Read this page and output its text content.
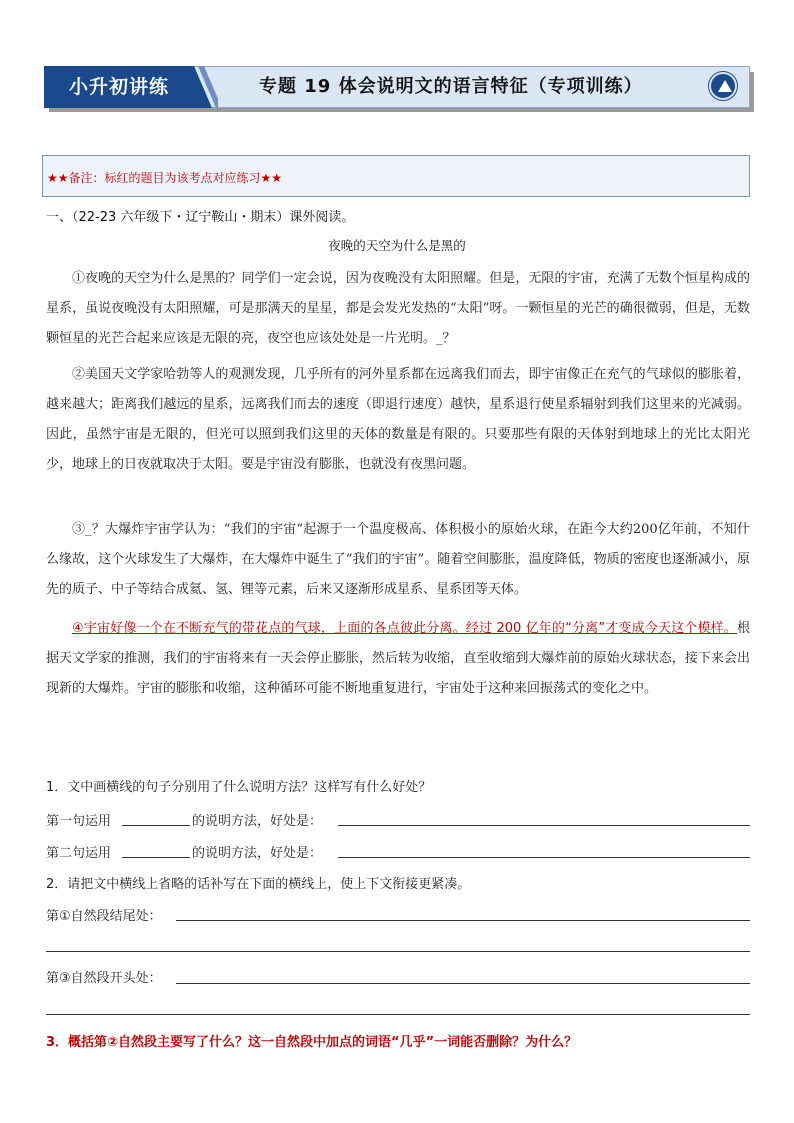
小升初讲练	专题 19 体会说明文的语言特征（专项训练）
★★备注：标红的题目为该考点对应练习★★
一、（22-23 六年级下・辽宁鞍山・期末）课外阅读。
夜晚的天空为什么是黑的
①夜晚的天空为什么是黑的？同学们一定会说，因为夜晚没有太阳照耀。但是，无限的宇宙，充满了无数个恒星构成的星系，虽说夜晚没有太阳照耀，可是那满天的星星，都是会发光发热的“太阳”呀。一颗恒星的光芒的确很微弱，但是，无数颗恒星的光芒合起来应该是无限的亮，夜空也应该处处是一片光明。_？
②美国天文学家哈勃等人的观测发现，几乎所有的河外星系都在远离我们而去，即宇宙像正在充气的气球似的膨胀着，越来越大；距离我们越远的星系，远离我们而去的速度（即退行速度）越快，星系退行使星系辐射到我们这里来的光减弱。因此，虽然宇宙是无限的，但光可以照到我们这里的天体的数量是有限的。只要那些有限的天体射到地球上的光比太阳光少，地球上的日夜就取决于太阳。要是宇宙没有膨胀，也就没有夜黑问题。
③_？大爆炸宇宙学认为：“我们的宇宙”起源于一个温度极高、体积极小的原始火球，在距今大约200亿年前，不知什么缘故，这个火球发生了大爆炸，在大爆炸中诞生了“我们的宇宙”。随着空间膨胀，温度降低，物质的密度也逐渐减小，原先的质子、中子等结合成氦、氢、锂等元素，后来又逐渐形成星系、星系团等天体。
④宇宙好像一个在不断充气的带花点的气球，上面的各点彼此分离。经过 200 亿年的“分离”才变成今天这个模样。根据天文学家的推测，我们的宇宙将来有一天会停止膨胀，然后转为收缩，直至收缩到大爆炸前的原始火球状态，接下来会出现新的大爆炸。宇宙的膨胀和收缩，这种循环可能不断地重复进行，宇宙处于这种来回振荡式的变化之中。
1．文中画横线的句子分别用了什么说明方法？这样写有什么好处？
第一句运用	的说明方法，好处是：
第二句运用	的说明方法，好处是：
2．请把文中横线上省略的话补写在下面的横线上，使上下文衔接更紧凑。
第①自然段结尾处：
第③自然段开头处：
3．概括第②自然段主要写了什么？这一自然段中加点的词语“几乎”一词能否删除？为什么？
